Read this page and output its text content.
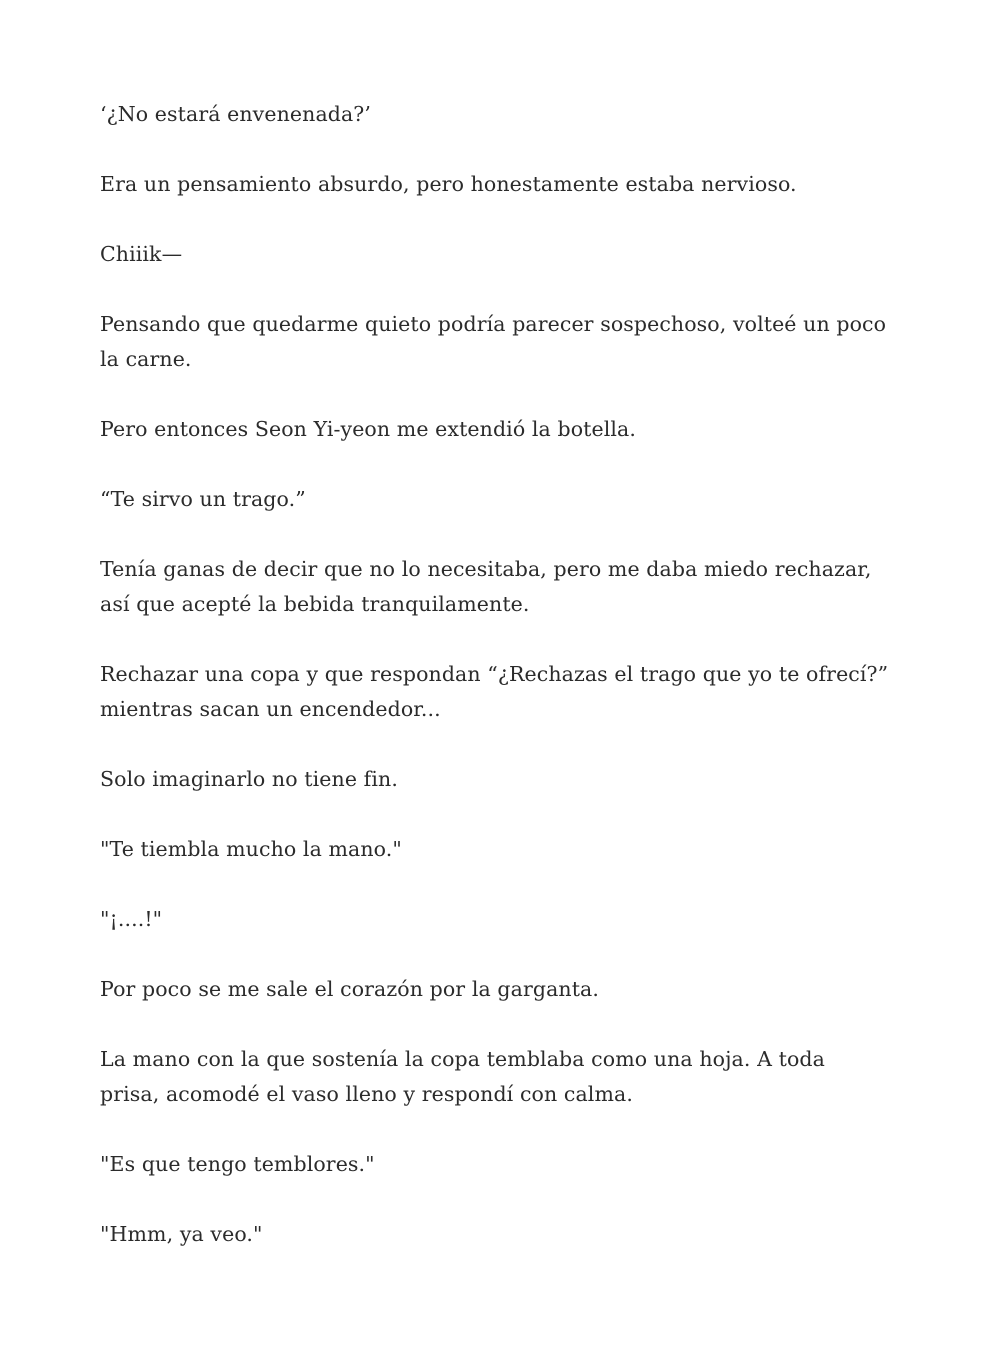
‘¿No estará envenenada?’

Era un pensamiento absurdo, pero honestamente estaba nervioso.

Chiiik—

Pensando que quedarme quieto podría parecer sospechoso, volteé un poco la carne.

Pero entonces Seon Yi-yeon me extendió la botella.

“Te sirvo un trago.”

Tenía ganas de decir que no lo necesitaba, pero me daba miedo rechazar, así que acepté la bebida tranquilamente.

Rechazar una copa y que respondan “¿Rechazas el trago que yo te ofrecí?” mientras sacan un encendedor...

Solo imaginarlo no tiene fin.

"Te tiembla mucho la mano."

"¡....!"

Por poco se me sale el corazón por la garganta.

La mano con la que sostenía la copa temblaba como una hoja. A toda prisa, acomodé el vaso lleno y respondí con calma.

"Es que tengo temblores."

"Hmm, ya veo."
